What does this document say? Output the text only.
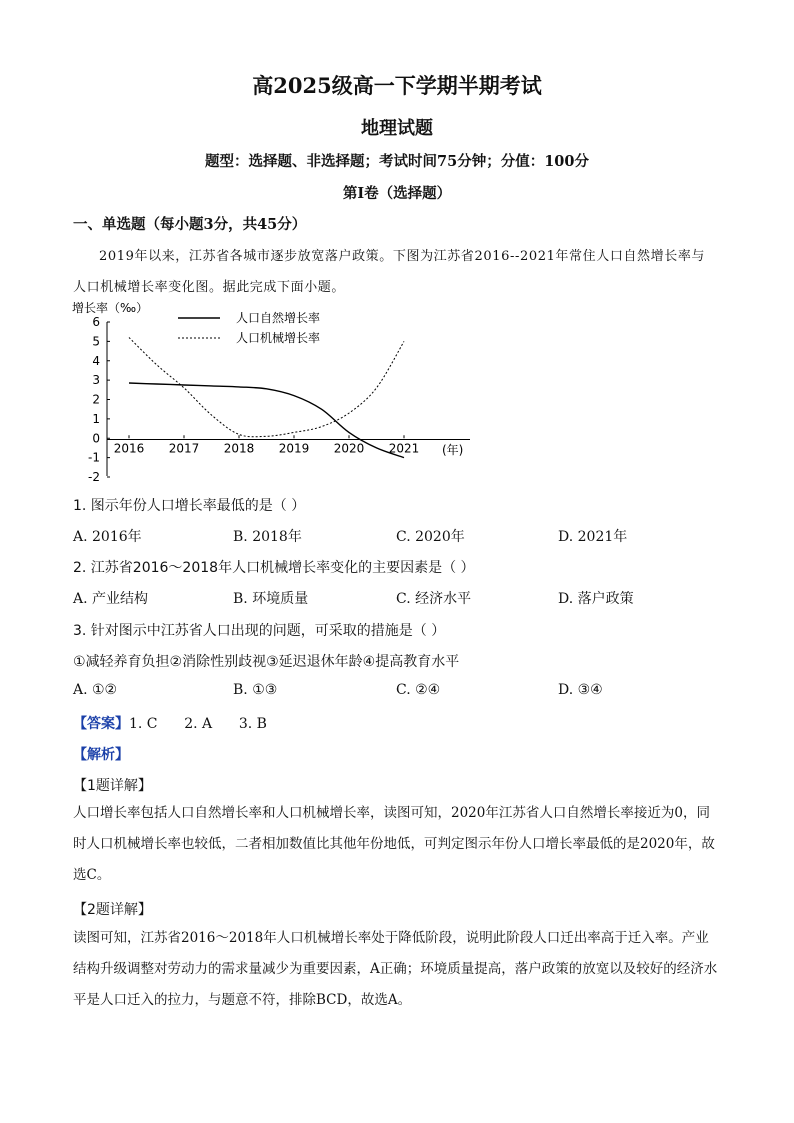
高2025级高一下学期半期考试
地理试题
题型：选择题、非选择题；考试时间75分钟；分值：100分
第Ⅰ卷（选择题）
一、单选题（每小题3分，共45分）
2019年以来，江苏省各城市逐步放宽落户政策。下图为江苏省2016--2021年常住人口自然增长率与
人口机械增长率变化图。据此完成下面小题。
增长率（‰）
6
5
4
3
2
1
0
-1
-2
2016 2017 2018 2019 2020 2021 (年)
人口自然增长率
人口机械增长率
1. 图示年份人口增长率最低的是（ ）
A. 2016年	B. 2018年	C. 2020年	D. 2021年
2. 江苏省2016～2018年人口机械增长率变化的主要因素是（ ）
A. 产业结构	B. 环境质量	C. 经济水平	D. 落户政策
3. 针对图示中江苏省人口出现的问题，可采取的措施是（ ）
①减轻养育负担②消除性别歧视③延迟退休年龄④提高教育水平
A. ①②	B. ①③	C. ②④	D. ③④
【答案】1. C      2. A      3. B
【解析】
【1题详解】
人口增长率包括人口自然增长率和人口机械增长率，读图可知，2020年江苏省人口自然增长率接近为0，同时人口机械增长率也较低，二者相加数值比其他年份地低，可判定图示年份人口增长率最低的是2020年，故选C。
【2题详解】
读图可知，江苏省2016～2018年人口机械增长率处于降低阶段，说明此阶段人口迁出率高于迁入率。产业结构升级调整对劳动力的需求量减少为重要因素，A正确；环境质量提高，落户政策的放宽以及较好的经济水平是人口迁入的拉力，与题意不符，排除BCD，故选A。
